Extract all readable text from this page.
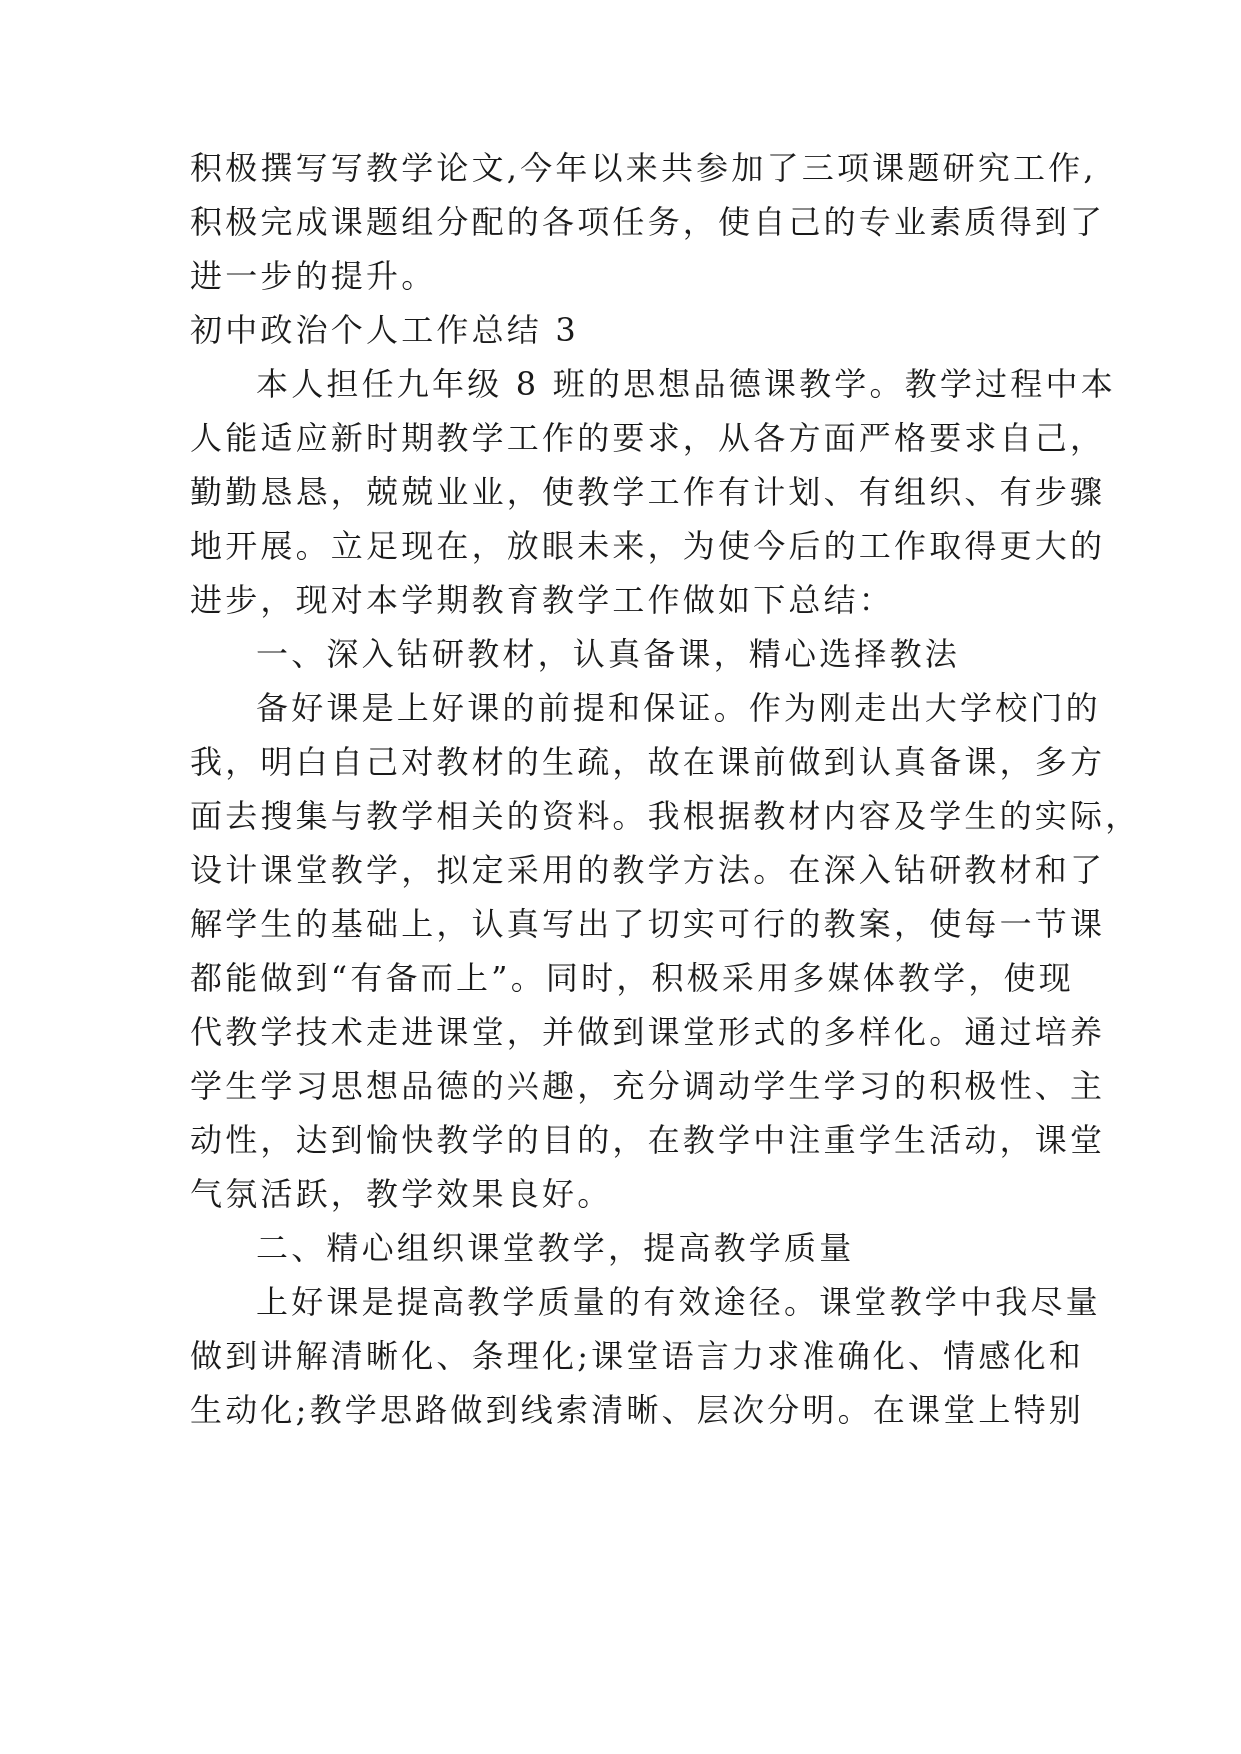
积极撰写写教学论文,今年以来共参加了三项课题研究工作,
积极完成课题组分配的各项任务，使自己的专业素质得到了
进一步的提升。
初中政治个人工作总结 3
本人担任九年级 8 班的思想品德课教学。教学过程中本
人能适应新时期教学工作的要求，从各方面严格要求自己，
勤勤恳恳，兢兢业业，使教学工作有计划、有组织、有步骤
地开展。立足现在，放眼未来，为使今后的工作取得更大的
进步，现对本学期教育教学工作做如下总结：
一、深入钻研教材，认真备课，精心选择教法
备好课是上好课的前提和保证。作为刚走出大学校门的
我，明白自己对教材的生疏，故在课前做到认真备课，多方
面去搜集与教学相关的资料。我根据教材内容及学生的实际，
设计课堂教学，拟定采用的教学方法。在深入钻研教材和了
解学生的基础上，认真写出了切实可行的教案，使每一节课
都能做到“有备而上”。同时，积极采用多媒体教学，使现
代教学技术走进课堂，并做到课堂形式的多样化。通过培养
学生学习思想品德的兴趣，充分调动学生学习的积极性、主
动性，达到愉快教学的目的，在教学中注重学生活动，课堂
气氛活跃，教学效果良好。
二、精心组织课堂教学，提高教学质量
上好课是提高教学质量的有效途径。课堂教学中我尽量
做到讲解清晰化、条理化;课堂语言力求准确化、情感化和
生动化;教学思路做到线索清晰、层次分明。在课堂上特别
